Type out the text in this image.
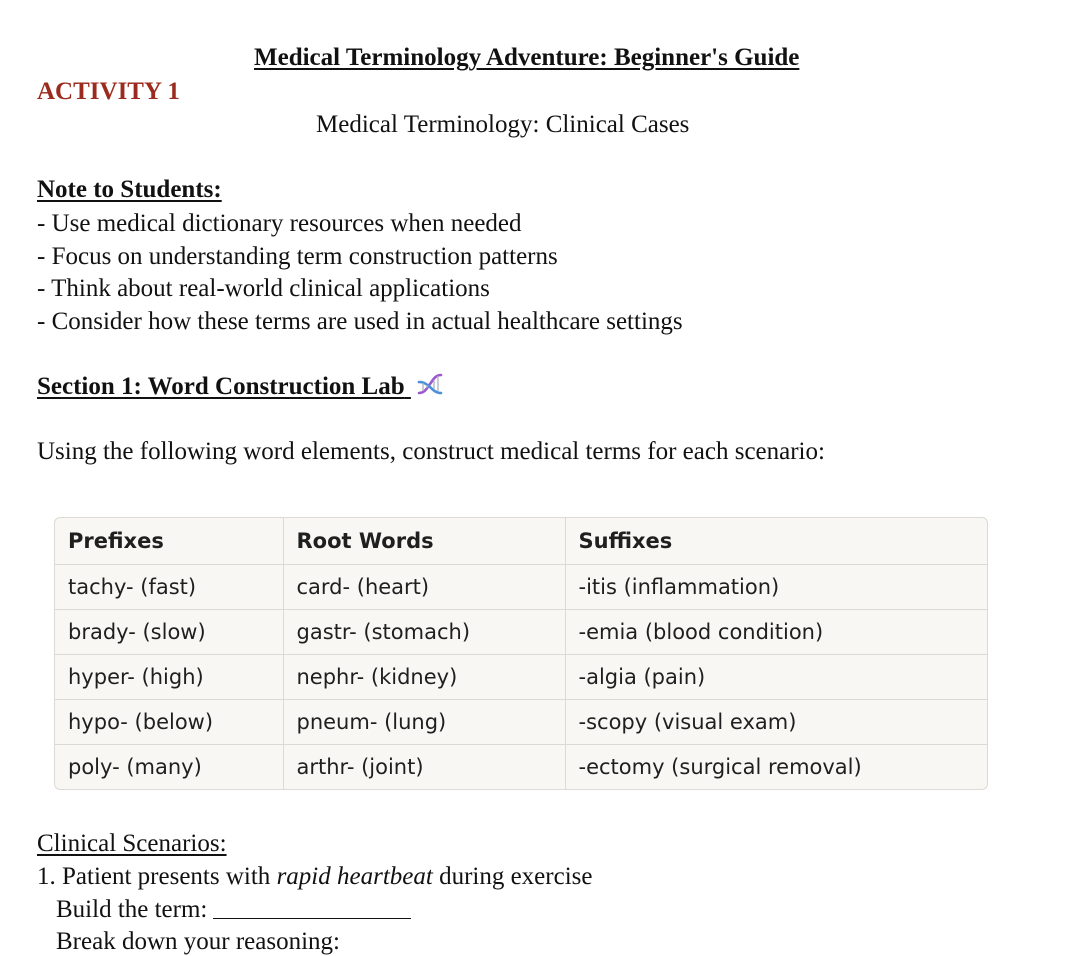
Medical Terminology Adventure: Beginner's Guide
ACTIVITY 1
Medical Terminology: Clinical Cases
Note to Students:
- Use medical dictionary resources when needed
- Focus on understanding term construction patterns
- Think about real-world clinical applications
- Consider how these terms are used in actual healthcare settings
Section 1: Word Construction Lab
Using the following word elements, construct medical terms for each scenario:
Prefixes	Root Words	Suffixes
tachy- (fast)	card- (heart)	-itis (inflammation)
brady- (slow)	gastr- (stomach)	-emia (blood condition)
hyper- (high)	nephr- (kidney)	-algia (pain)
hypo- (below)	pneum- (lung)	-scopy (visual exam)
poly- (many)	arthr- (joint)	-ectomy (surgical removal)
Clinical Scenarios:
1. Patient presents with rapid heartbeat during exercise
Build the term:
Break down your reasoning:
